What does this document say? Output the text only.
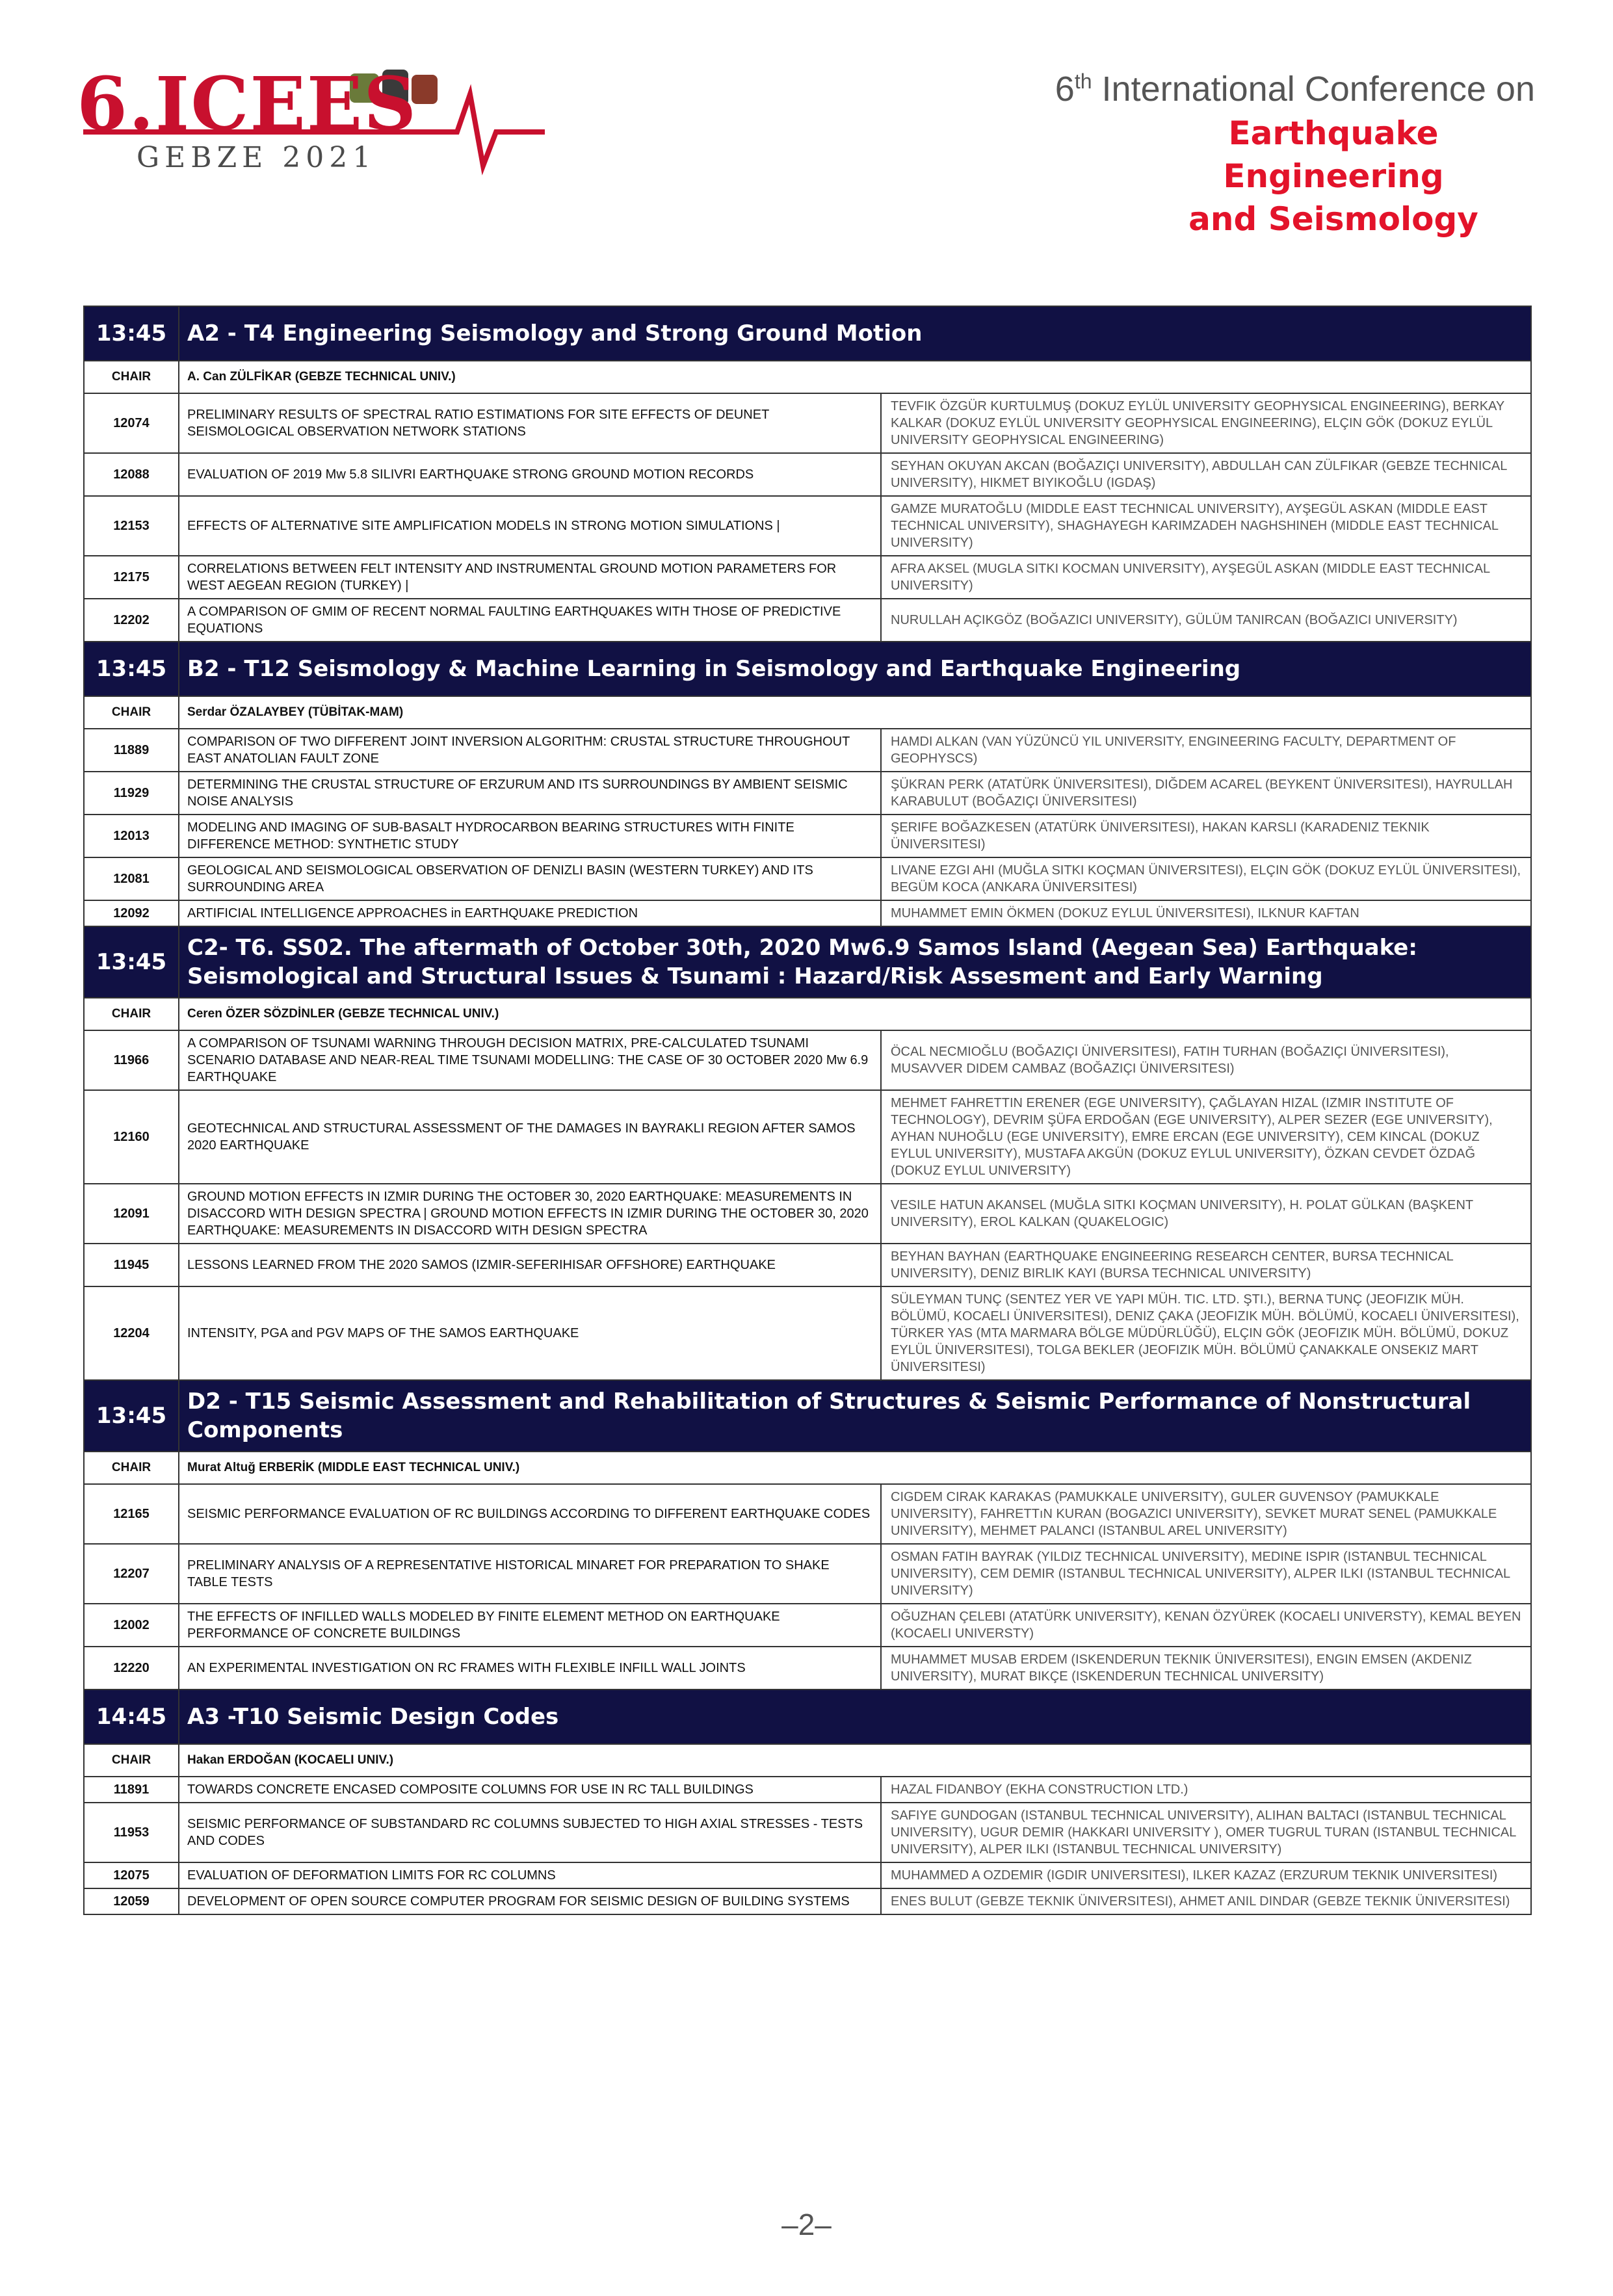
6.ICEES
GEBZE 2021
6th International Conference on
Earthquake Engineering
and Seismology
13:45	A2 - T4 Engineering Seismology and Strong Ground Motion	
CHAIR	A. Can ZÜLFİKAR (GEBZE TECHNICAL UNIV.)	
12074	PRELIMINARY RESULTS OF SPECTRAL RATIO ESTIMATIONS FOR SITE EFFECTS OF DEUNET SEISMOLOGICAL OBSERVATION NETWORK STATIONS	TEVFIK ÖZGÜR KURTULMUŞ (DOKUZ EYLÜL UNIVERSITY GEOPHYSICAL ENGINEERING), BERKAY KALKAR (DOKUZ EYLÜL UNIVERSITY GEOPHYSICAL ENGINEERING), ELÇIN GÖK (DOKUZ EYLÜL UNIVERSITY GEOPHYSICAL ENGINEERING)
12088	EVALUATION OF 2019 Mw 5.8 SILIVRI EARTHQUAKE STRONG GROUND MOTION RECORDS	SEYHAN OKUYAN AKCAN (BOĞAZIÇI UNIVERSITY), ABDULLAH CAN ZÜLFIKAR (GEBZE TECHNICAL UNIVERSITY), HIKMET BIYIKOĞLU (IGDAŞ)
12153	EFFECTS OF ALTERNATIVE SITE AMPLIFICATION MODELS IN STRONG MOTION SIMULATIONS |	GAMZE MURATOĞLU (MIDDLE EAST TECHNICAL UNIVERSITY), AYŞEGÜL ASKAN (MIDDLE EAST TECHNICAL UNIVERSITY), SHAGHAYEGH KARIMZADEH NAGHSHINEH (MIDDLE EAST TECHNICAL UNIVERSITY)
12175	CORRELATIONS BETWEEN FELT INTENSITY AND INSTRUMENTAL GROUND MOTION PARAMETERS FOR WEST AEGEAN REGION (TURKEY) |	AFRA AKSEL (MUGLA SITKI KOCMAN UNIVERSITY), AYŞEGÜL ASKAN (MIDDLE EAST TECHNICAL UNIVERSITY)
12202	A COMPARISON OF GMIM OF RECENT NORMAL FAULTING EARTHQUAKES WITH THOSE OF PREDICTIVE EQUATIONS	NURULLAH AÇIKGÖZ (BOĞAZICI UNIVERSITY), GÜLÜM TANIRCAN (BOĞAZICI UNIVERSITY)
13:45	B2 - T12 Seismology & Machine Learning in Seismology and Earthquake Engineering	
CHAIR	Serdar ÖZALAYBEY (TÜBİTAK-MAM)	
11889	COMPARISON OF TWO DIFFERENT JOINT INVERSION ALGORITHM: CRUSTAL STRUCTURE THROUGHOUT EAST ANATOLIAN FAULT ZONE	HAMDI ALKAN (VAN YÜZÜNCÜ YIL UNIVERSITY, ENGINEERING FACULTY, DEPARTMENT OF GEOPHYSCS)
11929	DETERMINING THE CRUSTAL STRUCTURE OF ERZURUM AND ITS SURROUNDINGS BY AMBIENT SEISMIC NOISE ANALYSIS	ŞÜKRAN PERK (ATATÜRK ÜNIVERSITESI), DIĞDEM ACAREL (BEYKENT ÜNIVERSITESI), HAYRULLAH KARABULUT (BOĞAZIÇI ÜNIVERSITESI)
12013	MODELING AND IMAGING OF SUB-BASALT HYDROCARBON BEARING STRUCTURES WITH FINITE DIFFERENCE METHOD: SYNTHETIC STUDY	ŞERIFE BOĞAZKESEN (ATATÜRK ÜNIVERSITESI), HAKAN KARSLI (KARADENIZ TEKNIK ÜNIVERSITESI)
12081	GEOLOGICAL AND SEISMOLOGICAL OBSERVATION OF DENIZLI BASIN (WESTERN TURKEY) AND ITS SURROUNDING AREA	LIVANE EZGI AHI (MUĞLA SITKI KOÇMAN ÜNIVERSITESI), ELÇIN GÖK (DOKUZ EYLÜL ÜNIVERSITESI), BEGÜM KOCA (ANKARA ÜNIVERSITESI)
12092	ARTIFICIAL INTELLIGENCE APPROACHES in EARTHQUAKE PREDICTION	MUHAMMET EMIN ÖKMEN (DOKUZ EYLUL ÜNIVERSITESI), ILKNUR KAFTAN
13:45	C2- T6. SS02. The aftermath of October 30th, 2020 Mw6.9 Samos Island (Aegean Sea) Earthquake: Seismological and Structural Issues & Tsunami : Hazard/Risk Assesment and Early Warning	
CHAIR	Ceren ÖZER SÖZDİNLER (GEBZE TECHNICAL UNIV.)	
11966	A COMPARISON OF TSUNAMI WARNING THROUGH DECISION MATRIX, PRE-CALCULATED TSUNAMI SCENARIO DATABASE AND NEAR-REAL TIME TSUNAMI MODELLING: THE CASE OF 30 OCTOBER 2020 Mw 6.9 EARTHQUAKE	ÖCAL NECMIOĞLU (BOĞAZIÇI ÜNIVERSITESI), FATIH TURHAN (BOĞAZIÇI ÜNIVERSITESI), MUSAVVER DIDEM CAMBAZ (BOĞAZIÇI ÜNIVERSITESI)
12160	GEOTECHNICAL AND STRUCTURAL ASSESSMENT OF THE DAMAGES IN BAYRAKLI REGION AFTER SAMOS 2020 EARTHQUAKE	MEHMET FAHRETTIN ERENER (EGE UNIVERSITY), ÇAĞLAYAN HIZAL (IZMIR INSTITUTE OF TECHNOLOGY), DEVRIM ŞÜFA ERDOĞAN (EGE UNIVERSITY), ALPER SEZER (EGE UNIVERSITY), AYHAN NUHOĞLU (EGE UNIVERSITY), EMRE ERCAN (EGE UNIVERSITY), CEM KINCAL (DOKUZ EYLUL UNIVERSITY), MUSTAFA AKGÜN (DOKUZ EYLUL UNIVERSITY), ÖZKAN CEVDET ÖZDAĞ (DOKUZ EYLUL UNIVERSITY)
12091	GROUND MOTION EFFECTS IN IZMIR DURING THE OCTOBER 30, 2020 EARTHQUAKE: MEASUREMENTS IN DISACCORD WITH DESIGN SPECTRA | GROUND MOTION EFFECTS IN IZMIR DURING THE OCTOBER 30, 2020 EARTHQUAKE: MEASUREMENTS IN DISACCORD WITH DESIGN SPECTRA	VESILE HATUN AKANSEL (MUĞLA SITKI KOÇMAN UNIVERSITY), H. POLAT GÜLKAN (BAŞKENT UNIVERSITY), EROL KALKAN (QUAKELOGIC)
11945	LESSONS LEARNED FROM THE 2020 SAMOS (IZMIR-SEFERIHISAR OFFSHORE) EARTHQUAKE	BEYHAN BAYHAN (EARTHQUAKE ENGINEERING RESEARCH CENTER, BURSA TECHNICAL UNIVERSITY), DENIZ BIRLIK KAYI (BURSA TECHNICAL UNIVERSITY)
12204	INTENSITY, PGA and PGV MAPS OF THE SAMOS EARTHQUAKE	SÜLEYMAN TUNÇ (SENTEZ YER VE YAPI MÜH. TIC. LTD. ŞTI.), BERNA TUNÇ (JEOFIZIK MÜH. BÖLÜMÜ, KOCAELI ÜNIVERSITESI), DENIZ ÇAKA (JEOFIZIK MÜH. BÖLÜMÜ, KOCAELI ÜNIVERSITESI), TÜRKER YAS (MTA MARMARA BÖLGE MÜDÜRLÜĞÜ), ELÇIN GÖK (JEOFIZIK MÜH. BÖLÜMÜ, DOKUZ EYLÜL ÜNIVERSITESI), TOLGA BEKLER (JEOFIZIK MÜH. BÖLÜMÜ ÇANAKKALE ONSEKIZ MART ÜNIVERSITESI)
13:45	D2 - T15 Seismic Assessment and Rehabilitation of Structures & Seismic Performance of Nonstructural Components	
CHAIR	Murat Altuğ ERBERİK (MIDDLE EAST TECHNICAL UNIV.)	
12165	SEISMIC PERFORMANCE EVALUATION OF RC BUILDINGS ACCORDING TO DIFFERENT EARTHQUAKE CODES	CIGDEM CIRAK KARAKAS (PAMUKKALE UNIVERSITY), GULER GUVENSOY (PAMUKKALE UNIVERSITY), FAHRETTıN KURAN (BOGAZICI UNIVERSITY), SEVKET MURAT SENEL (PAMUKKALE UNIVERSITY), MEHMET PALANCI (ISTANBUL AREL UNIVERSITY)
12207	PRELIMINARY ANALYSIS OF A REPRESENTATIVE HISTORICAL MINARET FOR PREPARATION TO SHAKE TABLE TESTS	OSMAN FATIH BAYRAK (YILDIZ TECHNICAL UNIVERSITY), MEDINE ISPIR (ISTANBUL TECHNICAL UNIVERSITY), CEM DEMIR (ISTANBUL TECHNICAL UNIVERSITY), ALPER ILKI (ISTANBUL TECHNICAL UNIVERSITY)
12002	THE EFFECTS OF INFILLED WALLS MODELED BY FINITE ELEMENT METHOD ON EARTHQUAKE PERFORMANCE OF CONCRETE BUILDINGS	OĞUZHAN ÇELEBI (ATATÜRK UNIVERSITY), KENAN ÖZYÜREK (KOCAELI UNIVERSTY), KEMAL BEYEN (KOCAELI UNIVERSTY)
12220	AN EXPERIMENTAL INVESTIGATION ON RC FRAMES WITH FLEXIBLE INFILL WALL JOINTS	MUHAMMET MUSAB ERDEM (ISKENDERUN TEKNIK ÜNIVERSITESI), ENGIN EMSEN (AKDENIZ UNIVERSITY), MURAT BIKÇE (ISKENDERUN TECHNICAL UNIVERSITY)
14:45	A3 -T10 Seismic Design Codes	
CHAIR	Hakan ERDOĞAN (KOCAELI UNIV.)	
11891	TOWARDS CONCRETE ENCASED COMPOSITE COLUMNS FOR USE IN RC TALL BUILDINGS	HAZAL FIDANBOY (EKHA CONSTRUCTION LTD.)
11953	SEISMIC PERFORMANCE OF SUBSTANDARD RC COLUMNS SUBJECTED TO HIGH AXIAL STRESSES - TESTS AND CODES	SAFIYE GUNDOGAN (ISTANBUL TECHNICAL UNIVERSITY), ALIHAN BALTACI (ISTANBUL TECHNICAL UNIVERSITY), UGUR DEMIR (HAKKARI UNIVERSITY ), OMER TUGRUL TURAN (ISTANBUL TECHNICAL UNIVERSITY), ALPER ILKI (ISTANBUL TECHNICAL UNIVERSITY)
12075	EVALUATION OF DEFORMATION LIMITS FOR RC COLUMNS	MUHAMMED A OZDEMIR (IGDIR UNIVERSITESI), ILKER KAZAZ (ERZURUM TEKNIK UNIVERSITESI)
12059	DEVELOPMENT OF OPEN SOURCE COMPUTER PROGRAM FOR SEISMIC DESIGN OF BUILDING SYSTEMS	ENES BULUT (GEBZE TEKNIK ÜNIVERSITESI), AHMET ANIL DINDAR (GEBZE TEKNIK ÜNIVERSITESI)
–2–
